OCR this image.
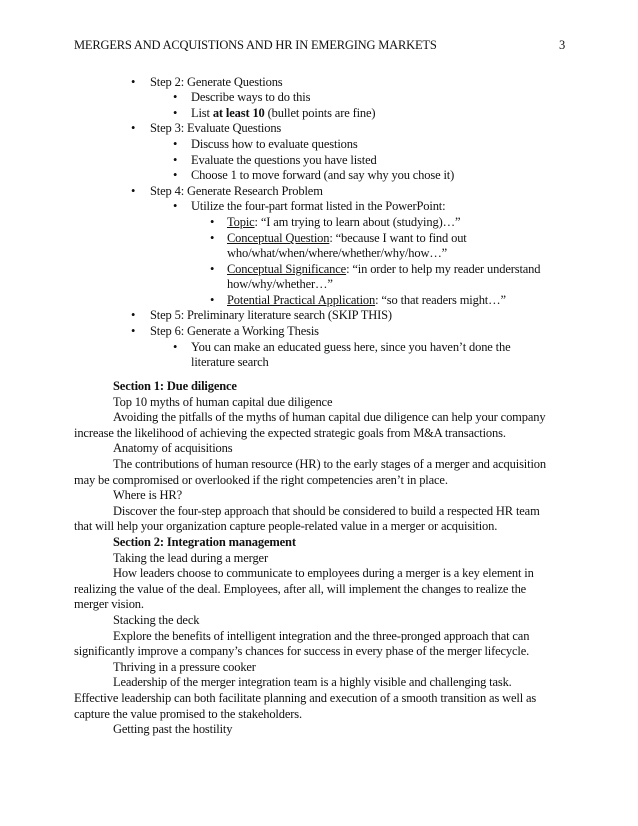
MERGERS AND ACQUISTIONS AND HR IN EMERGING MARKETS	3
• Step 2: Generate Questions
• Describe ways to do this
• List at least 10 (bullet points are fine)
• Step 3: Evaluate Questions
• Discuss how to evaluate questions
• Evaluate the questions you have listed
• Choose 1 to move forward (and say why you chose it)
• Step 4: Generate Research Problem
• Utilize the four-part format listed in the PowerPoint:
• Topic: “I am trying to learn about (studying)…”
• Conceptual Question: “because I want to find out
who/what/when/where/whether/why/how…”
• Conceptual Significance: “in order to help my reader understand
how/why/whether…”
• Potential Practical Application: “so that readers might…”
• Step 5: Preliminary literature search (SKIP THIS)
• Step 6: Generate a Working Thesis
• You can make an educated guess here, since you haven’t done the
literature search
Section 1: Due diligence
Top 10 myths of human capital due diligence
Avoiding the pitfalls of the myths of human capital due diligence can help your company
increase the likelihood of achieving the expected strategic goals from M&A transactions.
Anatomy of acquisitions
The contributions of human resource (HR) to the early stages of a merger and acquisition
may be compromised or overlooked if the right competencies aren’t in place.
Where is HR?
Discover the four-step approach that should be considered to build a respected HR team
that will help your organization capture people-related value in a merger or acquisition.
Section 2: Integration management
Taking the lead during a merger
How leaders choose to communicate to employees during a merger is a key element in
realizing the value of the deal. Employees, after all, will implement the changes to realize the
merger vision.
Stacking the deck
Explore the benefits of intelligent integration and the three-pronged approach that can
significantly improve a company’s chances for success in every phase of the merger lifecycle.
Thriving in a pressure cooker
Leadership of the merger integration team is a highly visible and challenging task.
Effective leadership can both facilitate planning and execution of a smooth transition as well as
capture the value promised to the stakeholders.
Getting past the hostility
